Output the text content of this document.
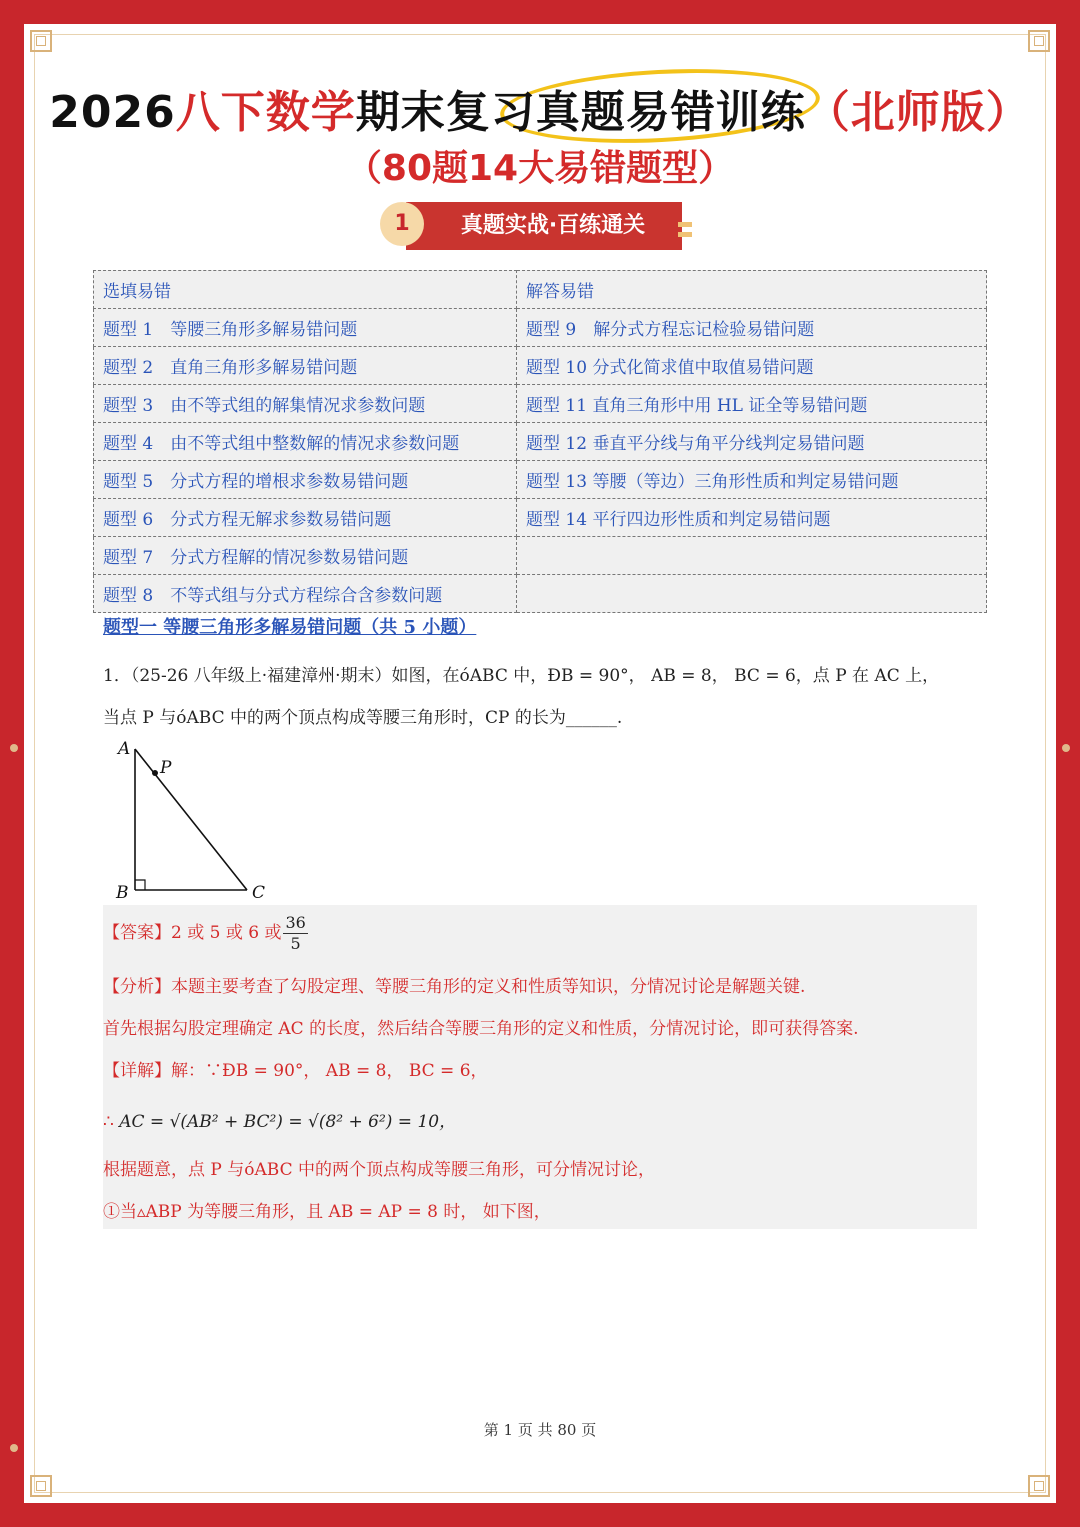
2026八下数学期末复习真题易错训练（北师版）
（80题14大易错题型）
真题实战·百练通关
1
选填易错	解答易错
题型 1　等腰三角形多解易错问题	题型 9　解分式方程忘记检验易错问题
题型 2　直角三角形多解易错问题	题型 10 分式化简求值中取值易错问题
题型 3　由不等式组的解集情况求参数问题	题型 11 直角三角形中用 HL 证全等易错问题
题型 4　由不等式组中整数解的情况求参数问题	题型 12 垂直平分线与角平分线判定易错问题
题型 5　分式方程的增根求参数易错问题	题型 13 等腰（等边）三角形性质和判定易错问题
题型 6　分式方程无解求参数易错问题	题型 14 平行四边形性质和判定易错问题
题型 7　分式方程解的情况参数易错问题	
题型 8　不等式组与分式方程综合含参数问题	
题型一 等腰三角形多解易错问题（共 5 小题）
1．（25-26 八年级上·福建漳州·期末）如图，在óABC 中，ÐB = 90°， AB = 8， BC = 6，点 P 在 AC 上，
当点 P 与óABC 中的两个顶点构成等腰三角形时，CP 的长为______.
A
P
B	C
【答案】2 或 5 或 6 或 $\frac{36}{5}$
【分析】本题主要考查了勾股定理、等腰三角形的定义和性质等知识，分情况讨论是解题关键.
首先根据勾股定理确定 AC 的长度，然后结合等腰三角形的定义和性质，分情况讨论，即可获得答案.
【详解】解：∵ÐB = 90°， AB = 8， BC = 6，
∴ AC = √(AB² + BC²) = √(8² + 6²) = 10，
根据题意，点 P 与óABC 中的两个顶点构成等腰三角形，可分情况讨论，
①当▵ABP 为等腰三角形，且 AB = AP = 8 时， 如下图，
第 1 页 共 80 页
